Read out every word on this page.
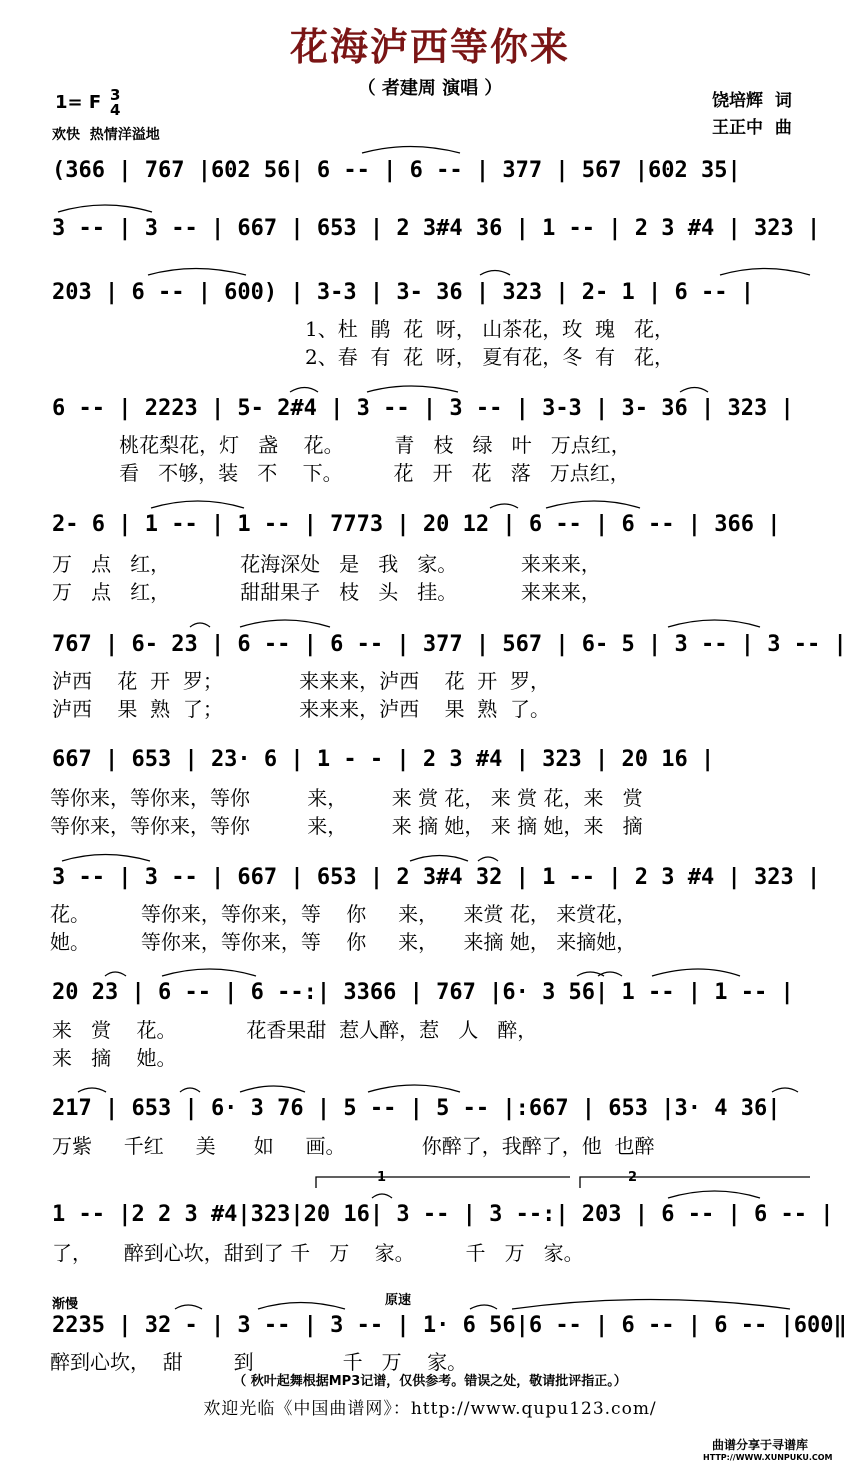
花海泸西等你来
（ 者建周 演唱 ）
1= F 3
4
欢快  热情洋溢地
饶培辉  词
王正中  曲
(366 | 767 |602 56| 6 -- | 6 -- | 377 | 567 |602 35|
3 -- | 3 -- | 667 | 653 | 2 3#4 36 | 1 -- | 2 3 #4 | 323 |
203 | 6 -- | 600) | 3-3 | 3- 36 | 323 | 2- 1 | 6 -- |
1、杜  鹃  花  呀， 山茶花，玫  瑰   花，
2、春  有  花  呀， 夏有花，冬  有   花，
6 -- | 2223 | 5- 2#4 | 3 -- | 3 -- | 3-3 | 3- 36 | 323 |
桃花梨花，灯   盏    花。        青   枝   绿   叶   万点红，
看   不够，装   不    下。        花   开   花   落   万点红，
2- 6 | 1 -- | 1 -- | 7773 | 20 12 | 6 -- | 6 -- | 366 |
万   点   红，           花海深处   是   我   家。          来来来，
万   点   红，           甜甜果子   枝   头   挂。          来来来，
767 | 6- 23 | 6 -- | 6 -- | 377 | 567 | 6- 5 | 3 -- | 3 -- |
泸西    花  开  罗；            来来来，泸西    花  开  罗，
泸西    果  熟  了；            来来来，泸西    果  熟  了。
667 | 653 | 23· 6 | 1 - - | 2 3 #4 | 323 | 20 16 |
等你来，等你来，等你         来，       来 赏 花， 来 赏 花，来   赏
等你来，等你来，等你         来，       来 摘 她， 来 摘 她，来   摘
3 -- | 3 -- | 667 | 653 | 2 3#4 32 | 1 -- | 2 3 #4 | 323 |
花。        等你来，等你来，等    你     来，    来赏 花， 来赏花，
她。        等你来，等你来，等    你     来，    来摘 她， 来摘她，
20 23 | 6 -- | 6 --:| 3366 | 767 |6· 3 56| 1 -- | 1 -- |
来   赏    花。           花香果甜  惹人醉，惹   人   醉，
来   摘    她。
217 | 653 | 6· 3 76 | 5 -- | 5 -- |:667 | 653 |3· 4 36|
万紫     千红     美      如     画。            你醉了，我醉了，他  也醉
1	2
1 -- |2 2 3 #4|323|20 16| 3 -- | 3 --:| 203 | 6 -- | 6 -- |
了，     醉到心坎，甜到了 千   万    家。        千   万   家。
渐慢	原速
2235 | 32 - | 3 -- | 3 -- | 1· 6 56|6 -- | 6 -- | 6 -- |600‖
醉到心坎，  甜        到              千   万    家。
（ 秋叶起舞根据MP3记谱，仅供参考。错误之处，敬请批评指正。）
欢迎光临《中国曲谱网》：http://www.qupu123.com/
曲谱分享于寻谱库
HTTP://WWW.XUNPUKU.COM
